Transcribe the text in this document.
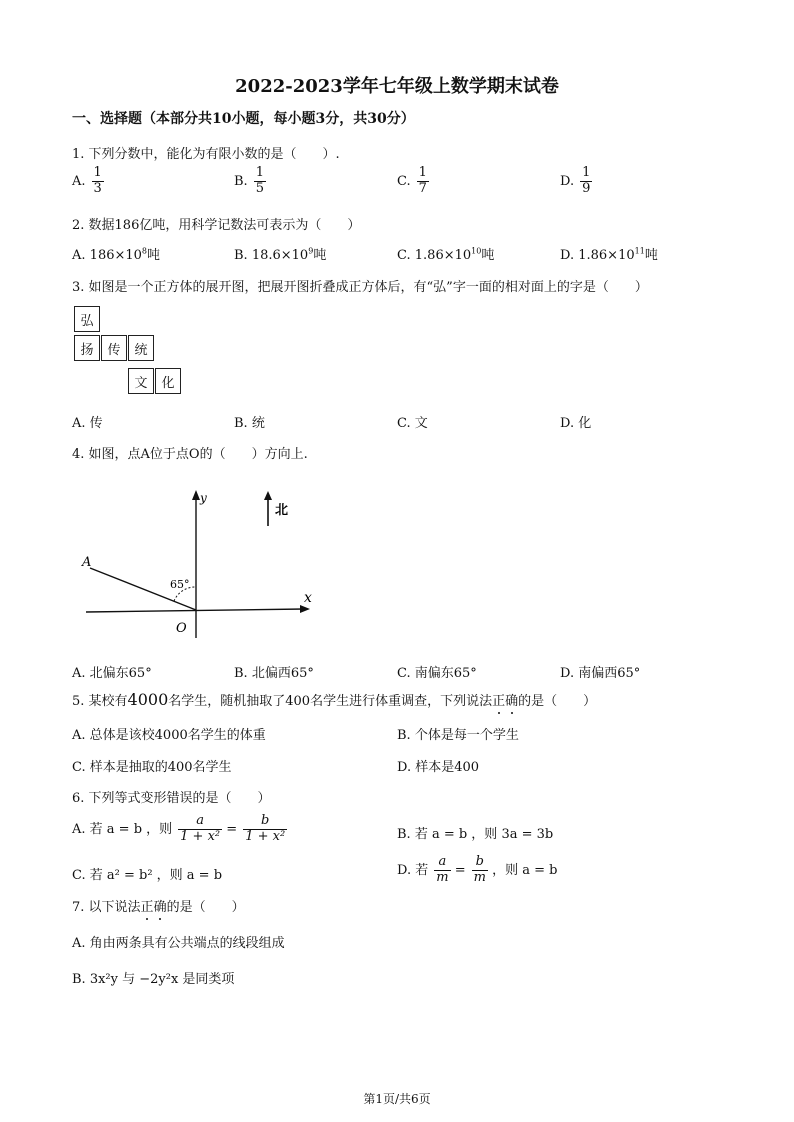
2022-2023学年七年级上数学期末试卷
一、选择题（本部分共10小题，每小题3分，共30分）
1. 下列分数中，能化为有限小数的是（　　）.
A. $\frac{1}{3}$	B. $\frac{1}{5}$	C. $\frac{1}{7}$	D. $\frac{1}{9}$
2. 数据186亿吨，用科学记数法可表示为（　　）
A. $186\times 10^8$吨	B. $18.6\times 10^9$吨	C. $1.86\times 10^{10}$吨	D. $1.86\times 10^{11}$吨
3. 如图是一个正方体的展开图，把展开图折叠成正方体后，有“弘”字一面的相对面上的字是（　　）
弘
扬	传	统
文	化
A. 传	B. 统	C. 文	D. 化
4. 如图，点A位于点O的（　　）方向上.
y
x
A
O
65°
北
A. 北偏东65°	B. 北偏西65°	C. 南偏东65°	D. 南偏西65°
5. 某校有4000名学生，随机抽取了400名学生进行体重调查，下列说法正确的是（　　）
A. 总体是该校4000名学生的体重	B. 个体是每一个学生
C. 样本是抽取的400名学生	D. 样本是400
6. 下列等式变形错误的是（　　）
A. 若 a = b ，则 $\frac{a}{\text{1 + x²}} = \frac{b}{\text{1 + x²}}$	B. 若 a = b ，则 3a = 3b
C. 若 a² = b² ，则 a = b	D. 若 $\frac{a}{m} = \frac{b}{m}$ ，则 a = b
7. 以下说法正确的是（　　）
A. 角由两条具有公共端点的线段组成
B. 3x²y 与 −2y²x 是同类项
第1页/共6页
